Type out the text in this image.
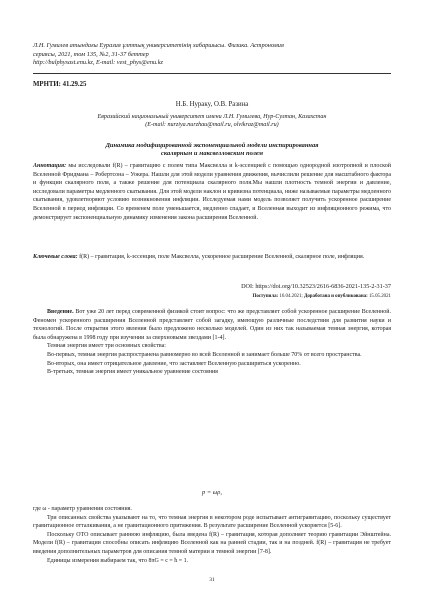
Л.Н. Гумилев атындағы Еуразия ұлттық университетінің хабаршысы. Физика. Астрономия
сериясы, 2021, том 135, №2, 31-37 беттер
http://bulphysast.enu.kz, E-mail: vest_phys@enu.kz
МРНТИ: 41.29.25
Н.Б. Нуракy, О.В. Разина
Евразийский национальный университет имени Л.Н. Гумилева, Нур-Султан, Казахстан
(E-mail: nurziya.nurzhau@mail.ru, olvikraz@mail.ru)
Динамика модифицированной экспоненциальной модели инспирированная
скалярным и максвелловским полем
Аннотация: мы исследовали f(R) – гравитацию с полем типа Максвелла и k-эссенцией с помощью однородной изотропной и плоской Вселенной Фридмана – Робертсона – Уокера. Нашли для этой модели уравнения движения, вычислили решение для масштабного фактора и функции скалярного поля, а также решение для потенциала скалярного поля.Мы нашли плотность темной энергии и давление, исследовали параметры медленного скатывания. Для этой модели наклон и кривизна потенциала, ниже называемые параметры медленного скатывания, удовлетворяют условию возникновения инфляции. Исследуемая нами модель позволяет получить ускоренное расширение Вселенной в период инфляции. Со временем поле уменьшается, медленно спадает, и Вселенная выходит из инфляционного режима, что демонстрирует экспоненциальную динамику изменения закона расширения Вселенной.
Ключевые слова: f(R) – гравитация, k-эссенция, поле Максвелла, ускоренное расширение Вселенной, скалярное поле, инфляция.
DOI: https://doi.org/10.32523/2616-6836-2021-135-2-31-37
Поступила: 16.04.2021; Доработана и опубликована: 15.05.2021

Введение. Вот уже 20 лет перед современной физикой стоит вопрос: что же представляет собой ускоренное расширение Вселенной. Феномен ускоренного расширения Вселенной представляет собой загадку, имеющую различные последствия для развития науки и технологий. После открытия этого явления было предложено несколько моделей. Один из них так называемая темная энергия, которая была обнаружена в 1998 году при изучении за сверхновыми звездами [1-4].

Темная энергия имеет три основных свойства:

Во-первых, темная энергия распространена равномерно во всей Вселенной и занимает больше 70% от всего пространства.

Во-вторых, она имеет отрицательное давление, что заставляет Вселенную расшириться ускоренно.

В-третьих, темная энергия имеет уникальное уравнение состояния

p = ωρ,

где ω - параметр уравнения состояния.

Три описанных свойства указывают на то, что темная энергия в некотором роде испытывает антигравитацию, поскольку существует гравитационное отталкивания, а не гравитационного притяжения. В результате расширение Вселенной ускоряется [5-6].

Поскольку ОТО описывает раннюю инфляцию, была введена f(R) – гравитация, которая дополняет теорию гравитации Эйнштейна. Модели f(R) – гравитации способны описать инфляцию Вселенной как на ранней стадии, так и на поздней. f(R) – гравитация не требует введения дополнительных параметров для описания темной материи и темной энергии [7-8].

Единицы измерения выбираем так, что 8πG = c = ħ = 1.

31
